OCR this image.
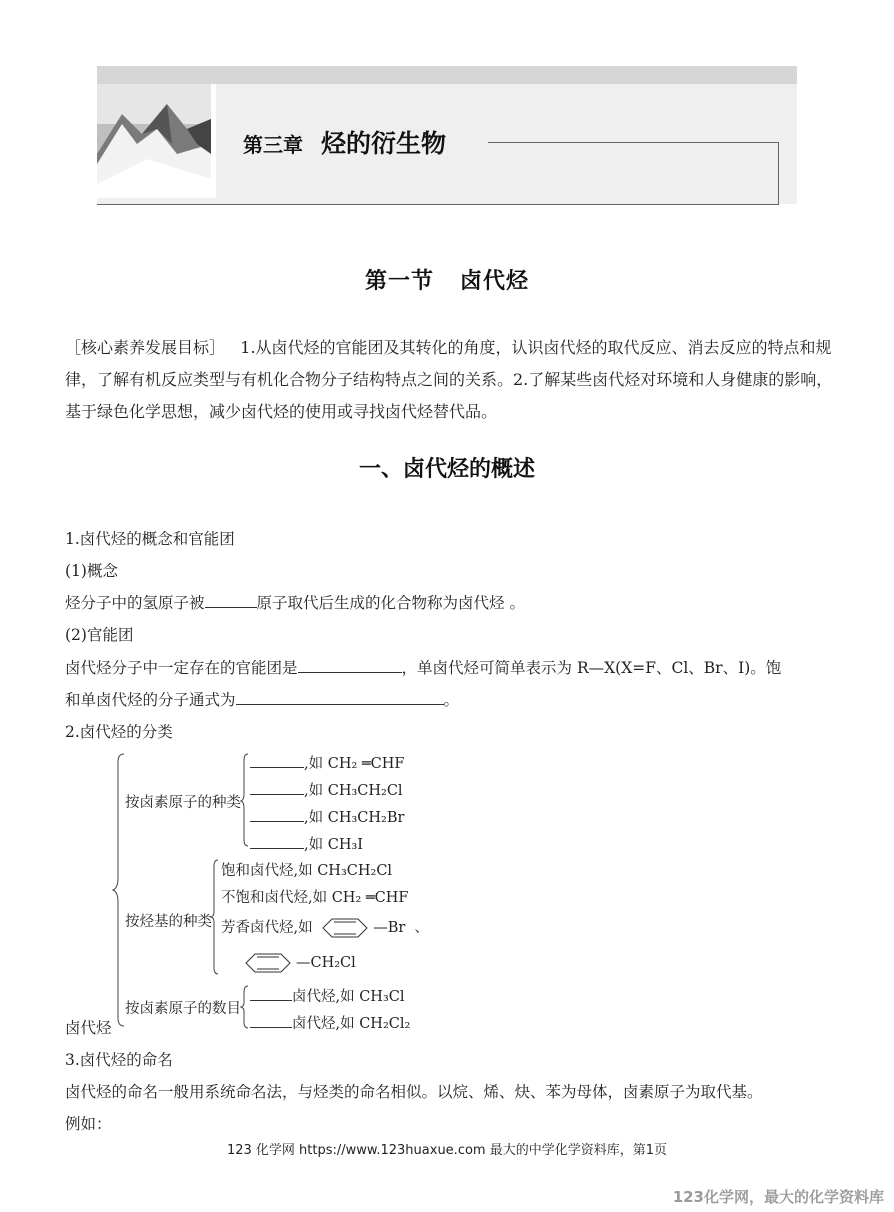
第三章 烃的衍生物
第一节 卤代烃
［核心素养发展目标］ 1.从卤代烃的官能团及其转化的角度，认识卤代烃的取代反应、消去反应的特点和规律，了解有机反应类型与有机化合物分子结构特点之间的关系。2.了解某些卤代烃对环境和人身健康的影响，基于绿色化学思想，减少卤代烃的使用或寻找卤代烃替代品。
一、卤代烃的概述
1.卤代烃的概念和官能团
(1)概念
烃分子中的氢原子被	原子取代后生成的化合物称为卤代烃 。
(2)官能团
卤代烃分子中一定存在的官能团是	，单卤代烃可简单表示为 R—X(X=F、Cl、Br、I)。饱
和单卤代烃的分子通式为	。
2.卤代烃的分类
卤代烃
按卤素原子的种类
,如 CH₂ ═CHF
,如 CH₃CH₂Cl
,如 CH₃CH₂Br
,如 CH₃I
按烃基的种类
饱和卤代烃,如 CH₃CH₂Cl
不饱和卤代烃,如 CH₂ ═CHF
芳香卤代烃,如	—Br 、
—CH₂Cl
按卤素原子的数目
卤代烃,如 CH₃Cl
卤代烃,如 CH₂Cl₂
3.卤代烃的命名
卤代烃的命名一般用系统命名法，与烃类的命名相似。以烷、烯、炔、苯为母体，卤素原子为取代基。
例如：
123 化学网 https://www.123huaxue.com 最大的中学化学资料库，第1页
123化学网，最大的化学资料库
